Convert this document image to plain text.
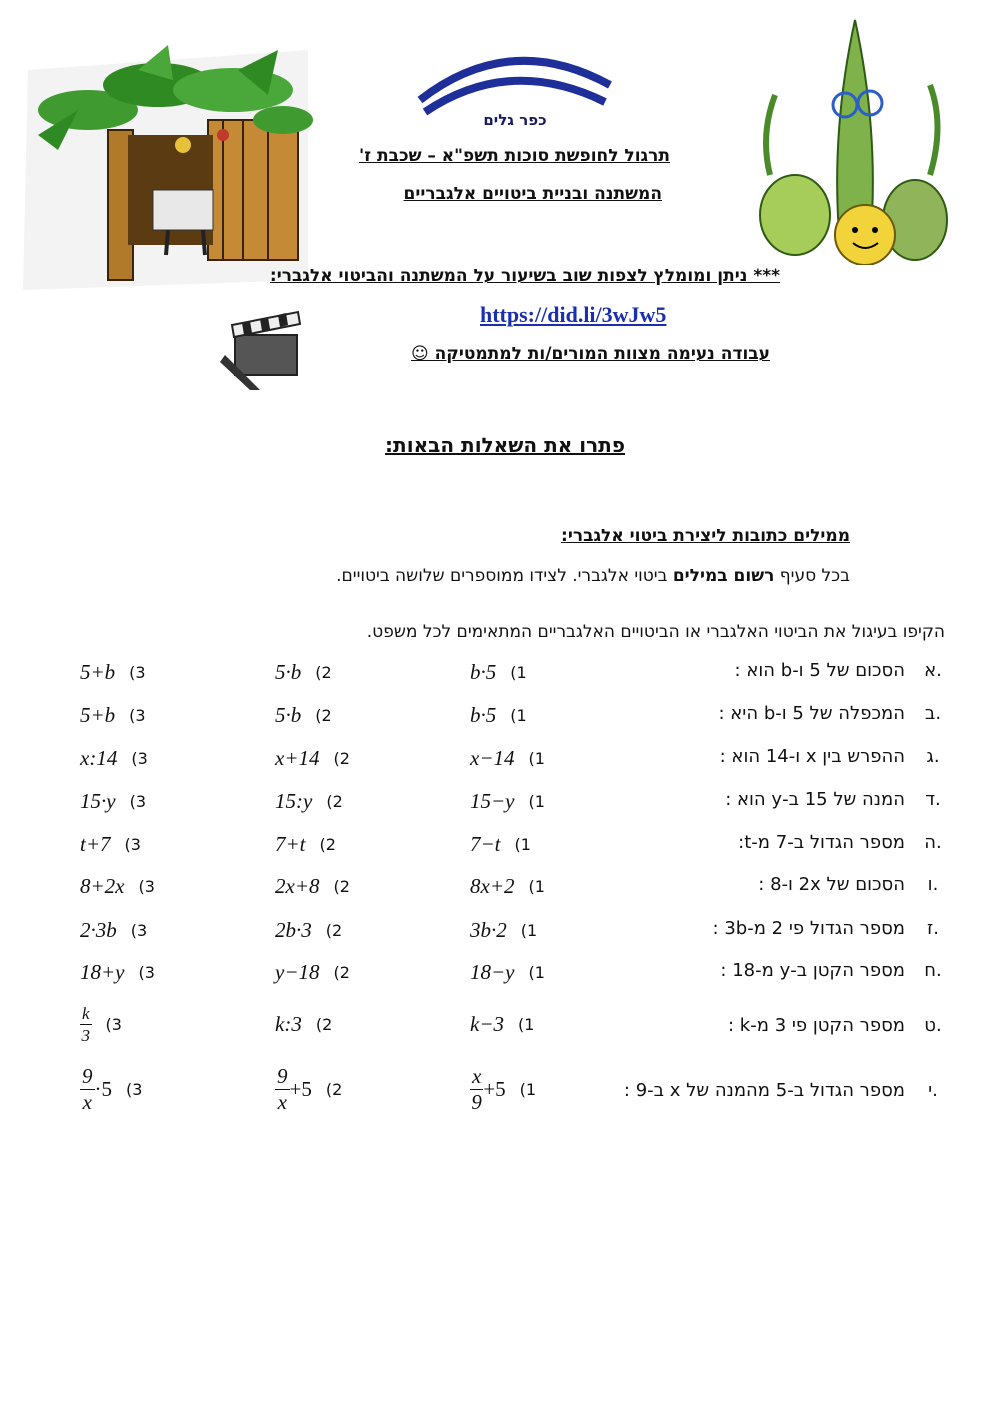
כפר גלים
תרגול לחופשת סוכות תשפ"א – שכבת ז'
המשתנה ובניית ביטויים אלגבריים
*** ניתן ומומלץ לצפות שוב בשיעור על המשתנה והביטוי אלגברי:
https://did.li/3wJw5
עבודה נעימה מצוות המורים/ות למתמטיקה ☺
פתרו את השאלות הבאות:
ממילים כתובות ליצירת ביטוי אלגברי:
בכל סעיף רשום במילים ביטוי אלגברי. לצידו ממוספרים שלושה ביטויים.
הקיפו בעיגול את הביטוי האלגברי או הביטויים האלגבריים המתאימים לכל משפט.
א.
הסכום של 5 ו-b הוא :
b·5 (1
5·b (2
5+b (3
ב.
המכפלה של 5 ו-b היא :
b·5 (1
5·b (2
5+b (3
ג.
ההפרש בין x ו-14 הוא :
x−14 (1
x+14 (2
x:14 (3
ד.
המנה של 15 ב-y הוא :
15−y (1
15:y (2
15·y (3
ה.
מספר הגדול ב-7 מ-t:
7−t (1
7+t (2
t+7 (3
ו.
הסכום של 2x ו-8 :
8x+2 (1
2x+8 (2
8+2x (3
ז.
מספר הגדול פי 2 מ-3b :
3b·2 (1
2b·3 (2
2·3b (3
ח.
מספר הקטן ב-y מ-18 :
18−y (1
y−18 (2
18+y (3
ט.
מספר הקטן פי 3 מ-k :
k−3 (1
k:3 (2
$\frac{k}{3} (3$
י.
מספר הגדול ב-5 מהמנה של x ב-9 :
$\frac{x}{9} +5$ (1
$\frac{9}{x} +5$ (2
$\frac{9}{x} \cdot 5$ (3
